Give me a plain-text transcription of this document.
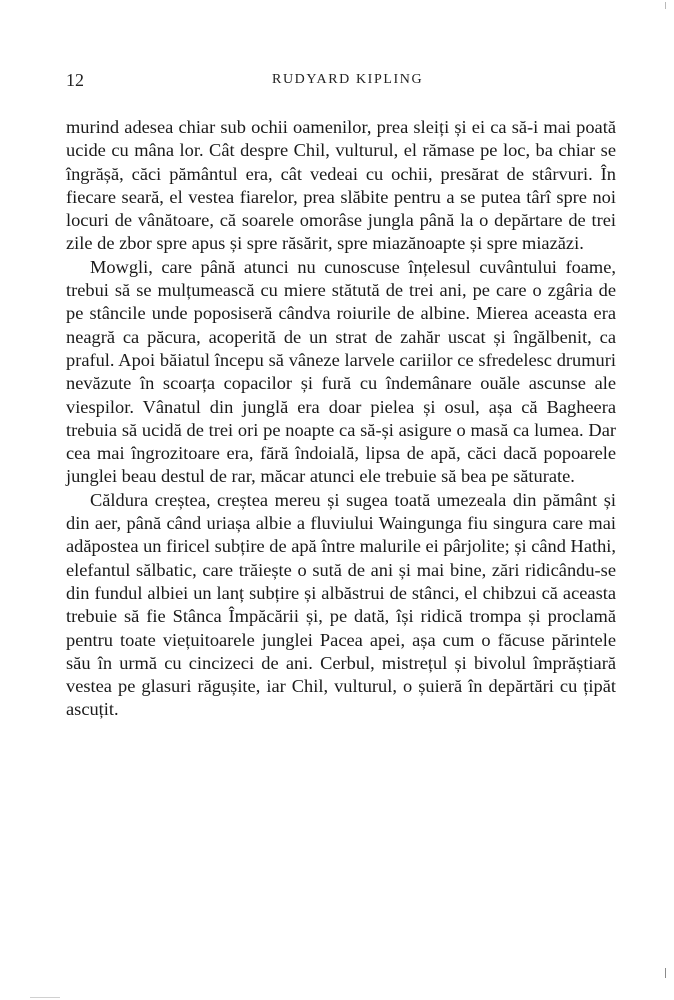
12	RUDYARD KIPLING

murind adesea chiar sub ochii oamenilor, prea sleiți și ei ca să-i mai poată ucide cu mâna lor. Cât despre Chil, vulturul, el rămase pe loc, ba chiar se îngrășă, căci pământul era, cât vedeai cu ochii, presărat de stârvuri. În fiecare seară, el vestea fiarelor, prea slăbite pentru a se putea târî spre noi locuri de vânătoare, că soarele omorâse jungla până la o depărtare de trei zile de zbor spre apus și spre răsărit, spre miazănoapte și spre miazăzi.

Mowgli, care până atunci nu cunoscuse înțelesul cuvântului foame, trebui să se mulțumească cu miere stătută de trei ani, pe care o zgâria de pe stâncile unde poposiseră cândva roiurile de albine. Mierea aceasta era neagră ca păcura, acoperită de un strat de zahăr uscat și îngălbenit, ca praful. Apoi băiatul începu să vâneze larvele cariilor ce sfredelesc drumuri nevăzute în scoarța copacilor și fură cu îndemânare ouăle ascunse ale viespilor. Vânatul din junglă era doar pielea și osul, așa că Bagheera trebuia să ucidă de trei ori pe noapte ca să-și asigure o masă ca lumea. Dar cea mai îngrozitoare era, fără îndoială, lipsa de apă, căci dacă popoarele junglei beau destul de rar, măcar atunci ele trebuie să bea pe săturate.

Căldura creștea, creștea mereu și sugea toată umezeala din pământ și din aer, până când uriașa albie a fluviului Waingunga fiu singura care mai adăpostea un firicel subțire de apă între malurile ei pârjolite; și când Hathi, elefantul sălbatic, care trăiește o sută de ani și mai bine, zări ridicându-se din fundul albiei un lanț subțire și albăstrui de stânci, el chibzui că aceasta trebuie să fie Stânca Împăcării și, pe dată, își ridică trompa și proclamă pentru toate viețuitoarele junglei Pacea apei, așa cum o făcuse părintele său în urmă cu cincizeci de ani. Cerbul, mistrețul și bivolul împrăștiară vestea pe glasuri răgușite, iar Chil, vulturul, o șuieră în depărtări cu țipăt ascuțit.
